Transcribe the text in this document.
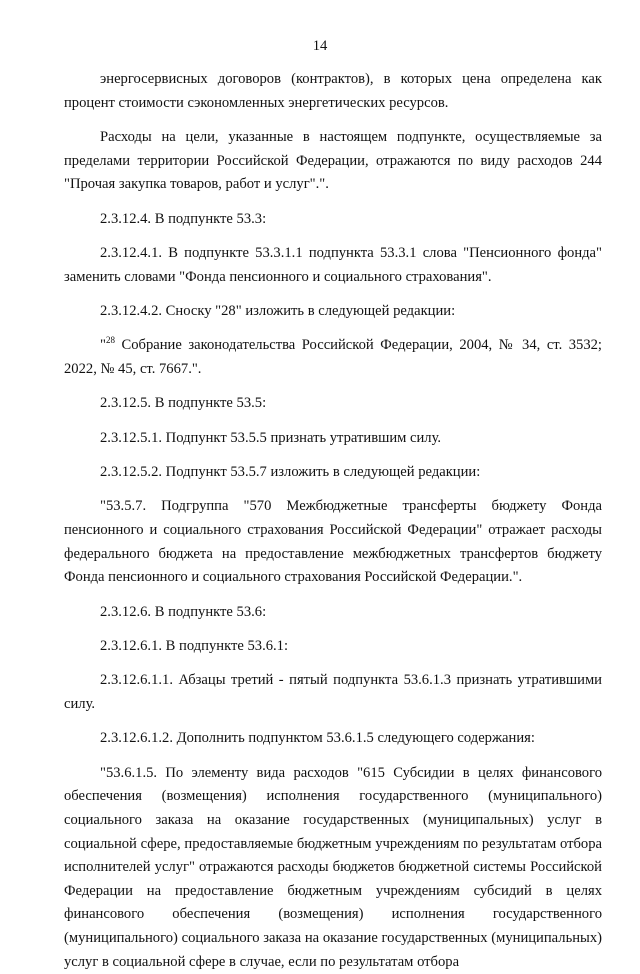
14

энергосервисных договоров (контрактов), в которых цена определена как процент стоимости сэкономленных энергетических ресурсов.

Расходы на цели, указанные в настоящем подпункте, осуществляемые за пределами территории Российской Федерации, отражаются по виду расходов 244 "Прочая закупка товаров, работ и услуг".".

2.3.12.4. В подпункте 53.3:

2.3.12.4.1. В подпункте 53.3.1.1 подпункта 53.3.1 слова "Пенсионного фонда" заменить словами "Фонда пенсионного и социального страхования".

2.3.12.4.2. Сноску "28" изложить в следующей редакции:

"$^{28}$ Собрание законодательства Российской Федерации, 2004, № 34, ст. 3532; 2022, № 45, ст. 7667.".

2.3.12.5. В подпункте 53.5:

2.3.12.5.1. Подпункт 53.5.5 признать утратившим силу.

2.3.12.5.2. Подпункт 53.5.7 изложить в следующей редакции:

"53.5.7. Подгруппа "570 Межбюджетные трансферты бюджету Фонда пенсионного и социального страхования Российской Федерации" отражает расходы федерального бюджета на предоставление межбюджетных трансфертов бюджету Фонда пенсионного и социального страхования Российской Федерации.".

2.3.12.6. В подпункте 53.6:

2.3.12.6.1. В подпункте 53.6.1:

2.3.12.6.1.1. Абзацы третий - пятый подпункта 53.6.1.3 признать утратившими силу.

2.3.12.6.1.2. Дополнить подпунктом 53.6.1.5 следующего содержания:

"53.6.1.5. По элементу вида расходов "615 Субсидии в целях финансового обеспечения (возмещения) исполнения государственного (муниципального) социального заказа на оказание государственных (муниципальных) услуг в социальной сфере, предоставляемые бюджетным учреждениям по результатам отбора исполнителей услуг" отражаются расходы бюджетов бюджетной системы Российской Федерации на предоставление бюджетным учреждениям субсидий в целях финансового обеспечения (возмещения) исполнения государственного (муниципального) социального заказа на оказание государственных (муниципальных) услуг в социальной сфере в случае, если по результатам отбора
